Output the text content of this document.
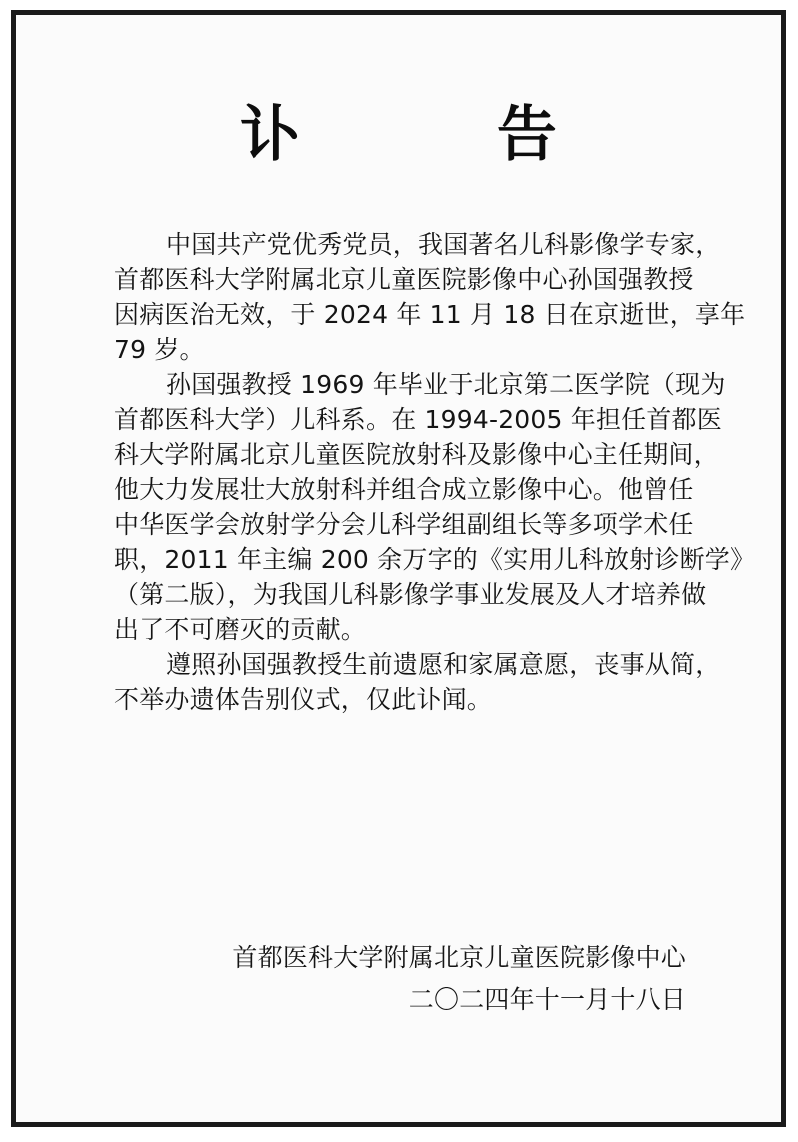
讣 告
中国共产党优秀党员，我国著名儿科影像学专家，
首都医科大学附属北京儿童医院影像中心孙国强教授
因病医治无效，于 2024 年 11 月 18 日在京逝世，享年
79 岁。
孙国强教授 1969 年毕业于北京第二医学院（现为
首都医科大学）儿科系。在 1994-2005 年担任首都医
科大学附属北京儿童医院放射科及影像中心主任期间，
他大力发展壮大放射科并组合成立影像中心。他曾任
中华医学会放射学分会儿科学组副组长等多项学术任
职，2011 年主编 200 余万字的《实用儿科放射诊断学》
（第二版），为我国儿科影像学事业发展及人才培养做
出了不可磨灭的贡献。
遵照孙国强教授生前遗愿和家属意愿，丧事从简，
不举办遗体告别仪式，仅此讣闻。
首都医科大学附属北京儿童医院影像中心
二〇二四年十一月十八日
